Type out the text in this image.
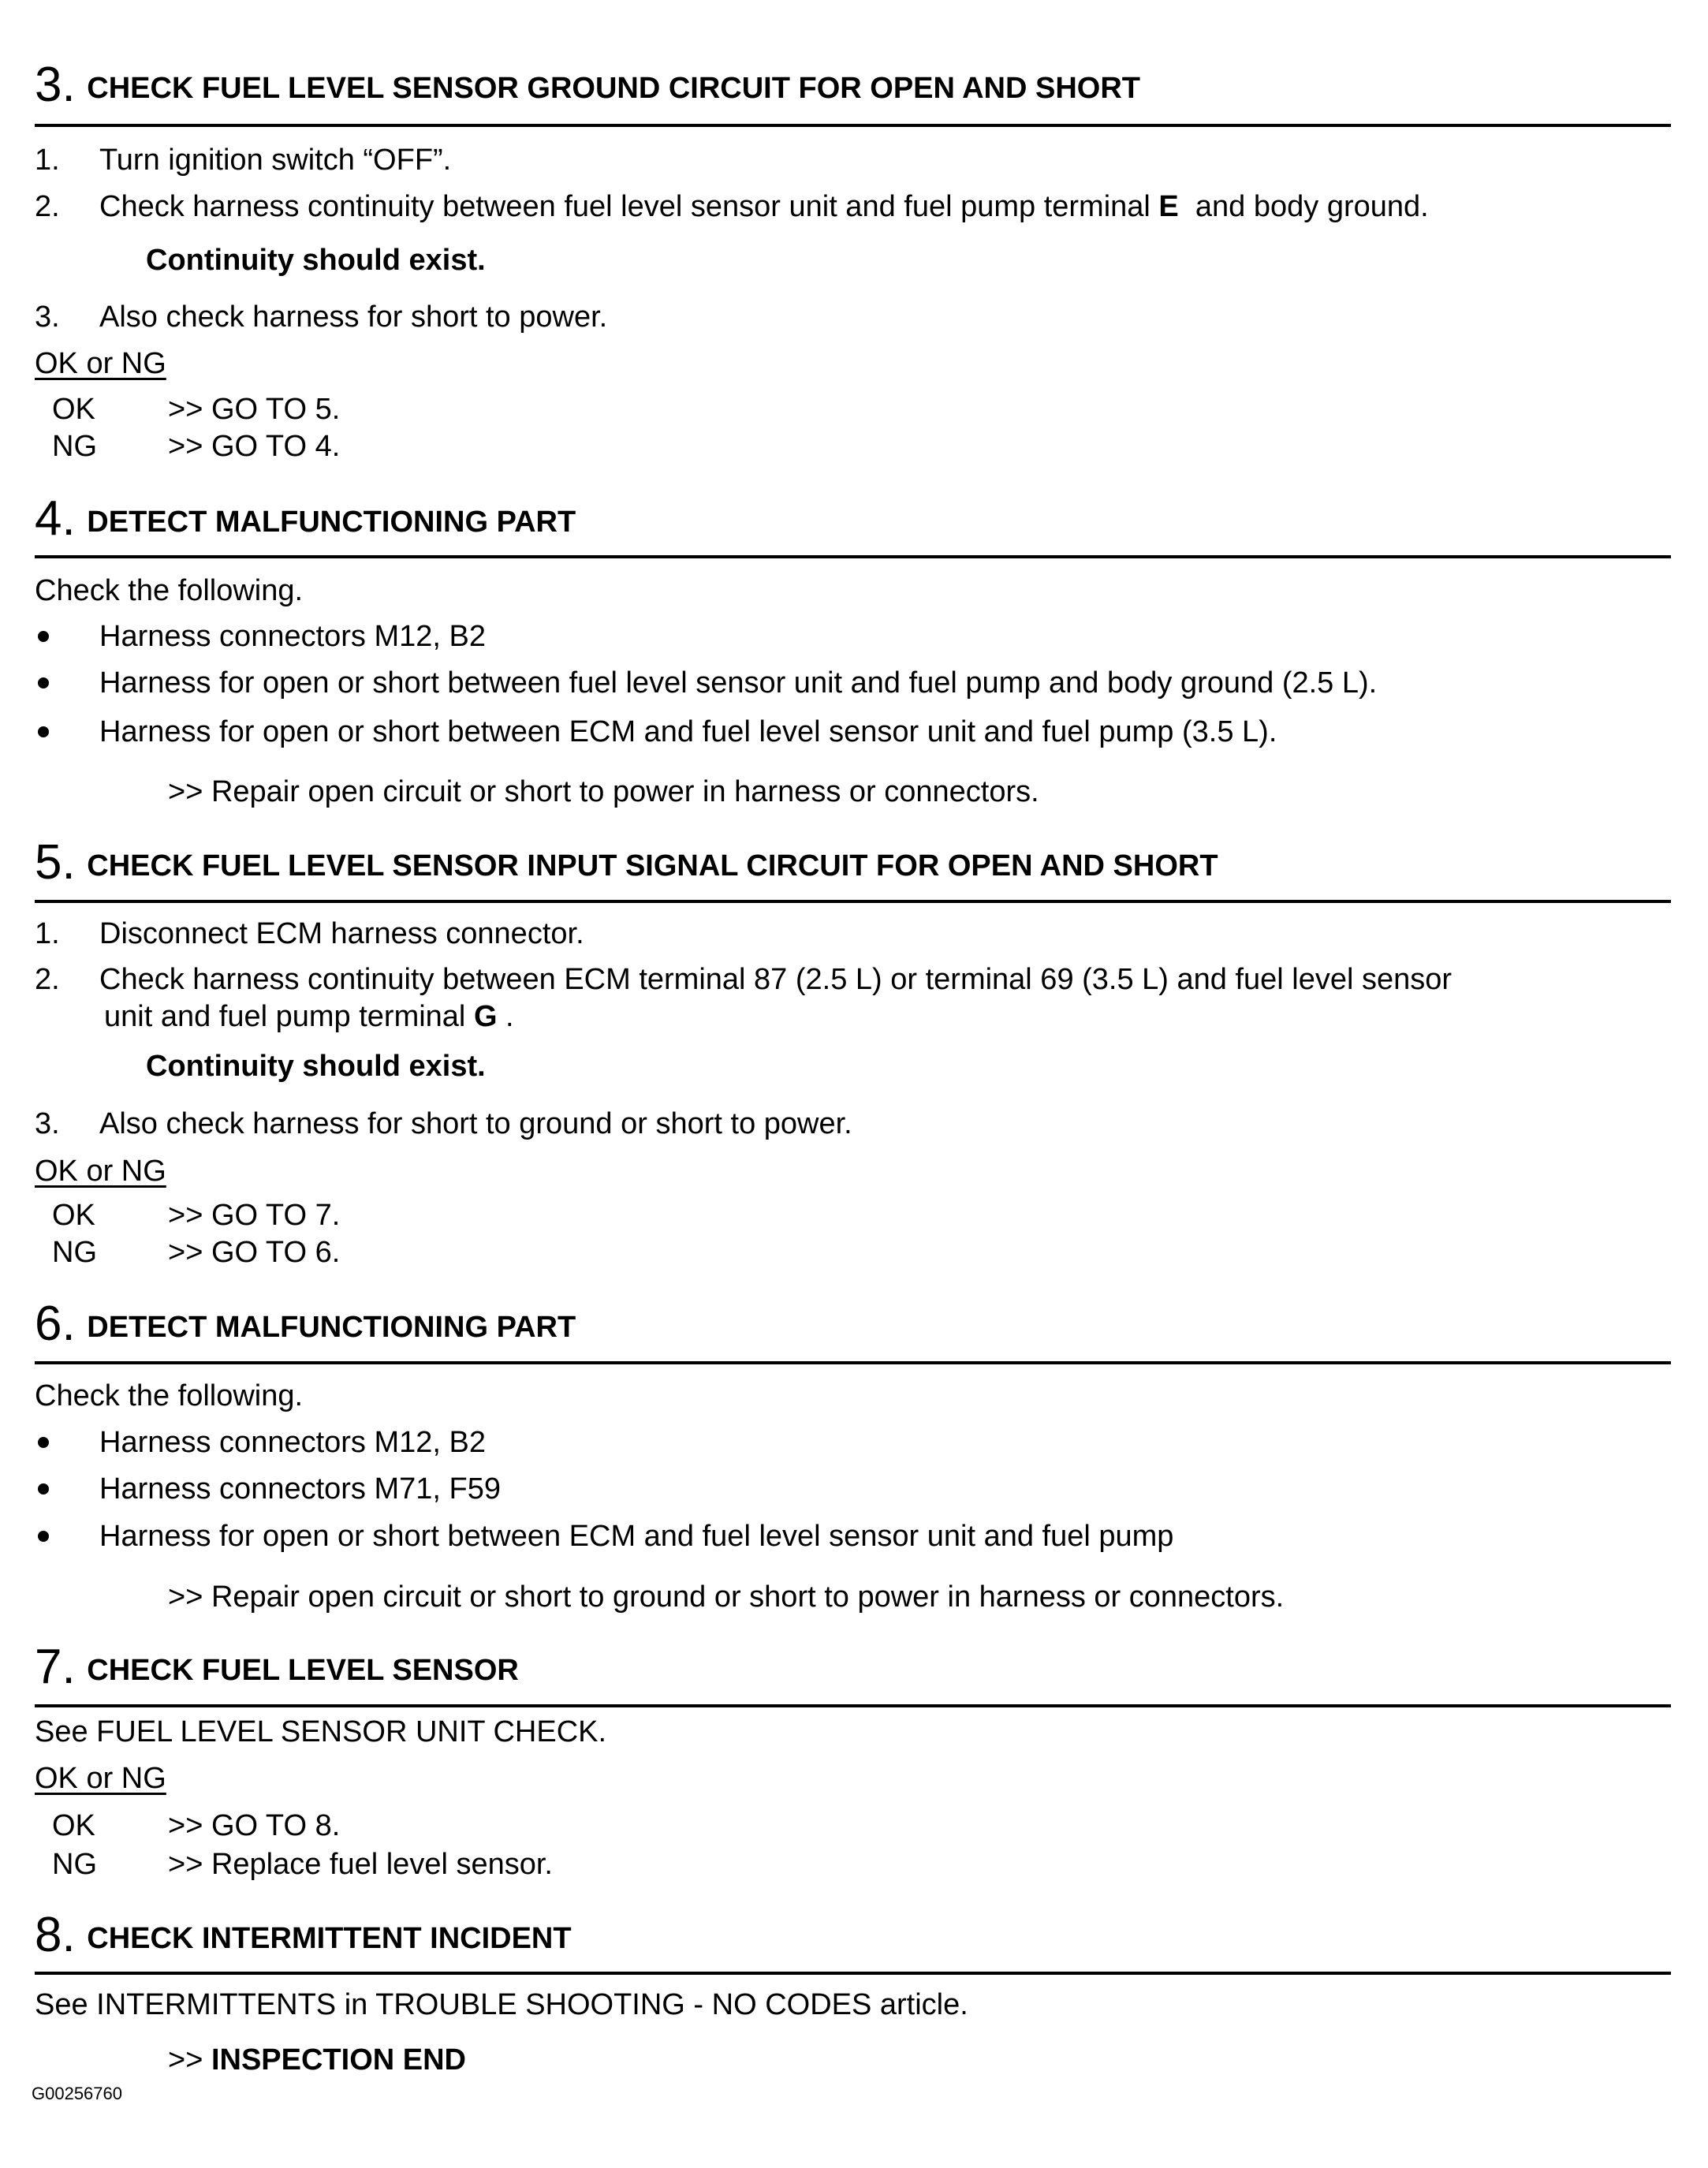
3. CHECK FUEL LEVEL SENSOR GROUND CIRCUIT FOR OPEN AND SHORT
1. Turn ignition switch “OFF”.
2. Check harness continuity between fuel level sensor unit and fuel pump terminal E  and body ground.
Continuity should exist.
3. Also check harness for short to power.
OK or NG
OK >> GO TO 5.
NG >> GO TO 4.
4. DETECT MALFUNCTIONING PART
Check the following.
Harness connectors M12, B2
Harness for open or short between fuel level sensor unit and fuel pump and body ground (2.5 L).
Harness for open or short between ECM and fuel level sensor unit and fuel pump (3.5 L).
>> Repair open circuit or short to power in harness or connectors.
5. CHECK FUEL LEVEL SENSOR INPUT SIGNAL CIRCUIT FOR OPEN AND SHORT
1. Disconnect ECM harness connector.
2. Check harness continuity between ECM terminal 87 (2.5 L) or terminal 69 (3.5 L) and fuel level sensor
unit and fuel pump terminal G .
Continuity should exist.
3. Also check harness for short to ground or short to power.
OK or NG
OK >> GO TO 7.
NG >> GO TO 6.
6. DETECT MALFUNCTIONING PART
Check the following.
Harness connectors M12, B2
Harness connectors M71, F59
Harness for open or short between ECM and fuel level sensor unit and fuel pump
>> Repair open circuit or short to ground or short to power in harness or connectors.
7. CHECK FUEL LEVEL SENSOR
See FUEL LEVEL SENSOR UNIT CHECK.
OK or NG
OK >> GO TO 8.
NG >> Replace fuel level sensor.
8. CHECK INTERMITTENT INCIDENT
See INTERMITTENTS in TROUBLE SHOOTING - NO CODES article.
>> INSPECTION END
G00256760
